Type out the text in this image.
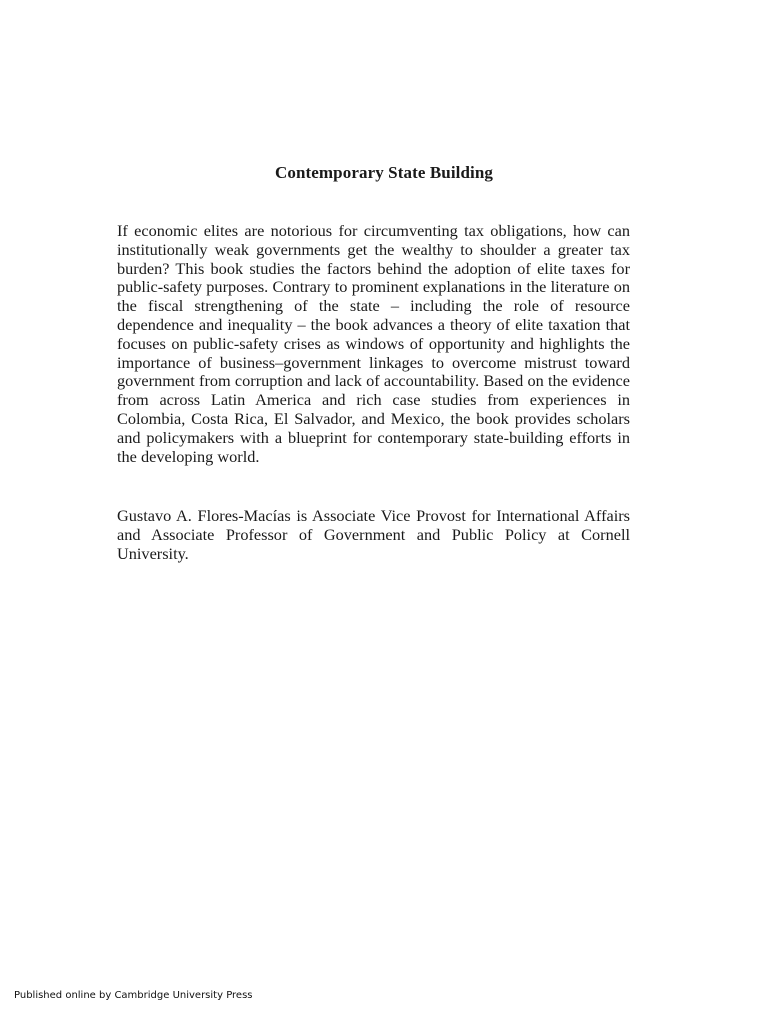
Contemporary State Building
If economic elites are notorious for circumventing tax obligations, how can institutionally weak governments get the wealthy to shoulder a greater tax burden? This book studies the factors behind the adoption of elite taxes for public-safety purposes. Contrary to prominent explanations in the literature on the fiscal strengthening of the state – including the role of resource dependence and inequality – the book advances a theory of elite taxation that focuses on public-safety crises as windows of opportunity and highlights the importance of business–government linkages to overcome mistrust toward government from corruption and lack of accountability. Based on the evidence from across Latin America and rich case studies from experiences in Colombia, Costa Rica, El Salvador, and Mexico, the book provides scholars and policymakers with a blueprint for contemporary state-building efforts in the developing world.
Gustavo A. Flores-Macías is Associate Vice Provost for International Affairs and Associate Professor of Government and Public Policy at Cornell University.
Published online by Cambridge University Press
